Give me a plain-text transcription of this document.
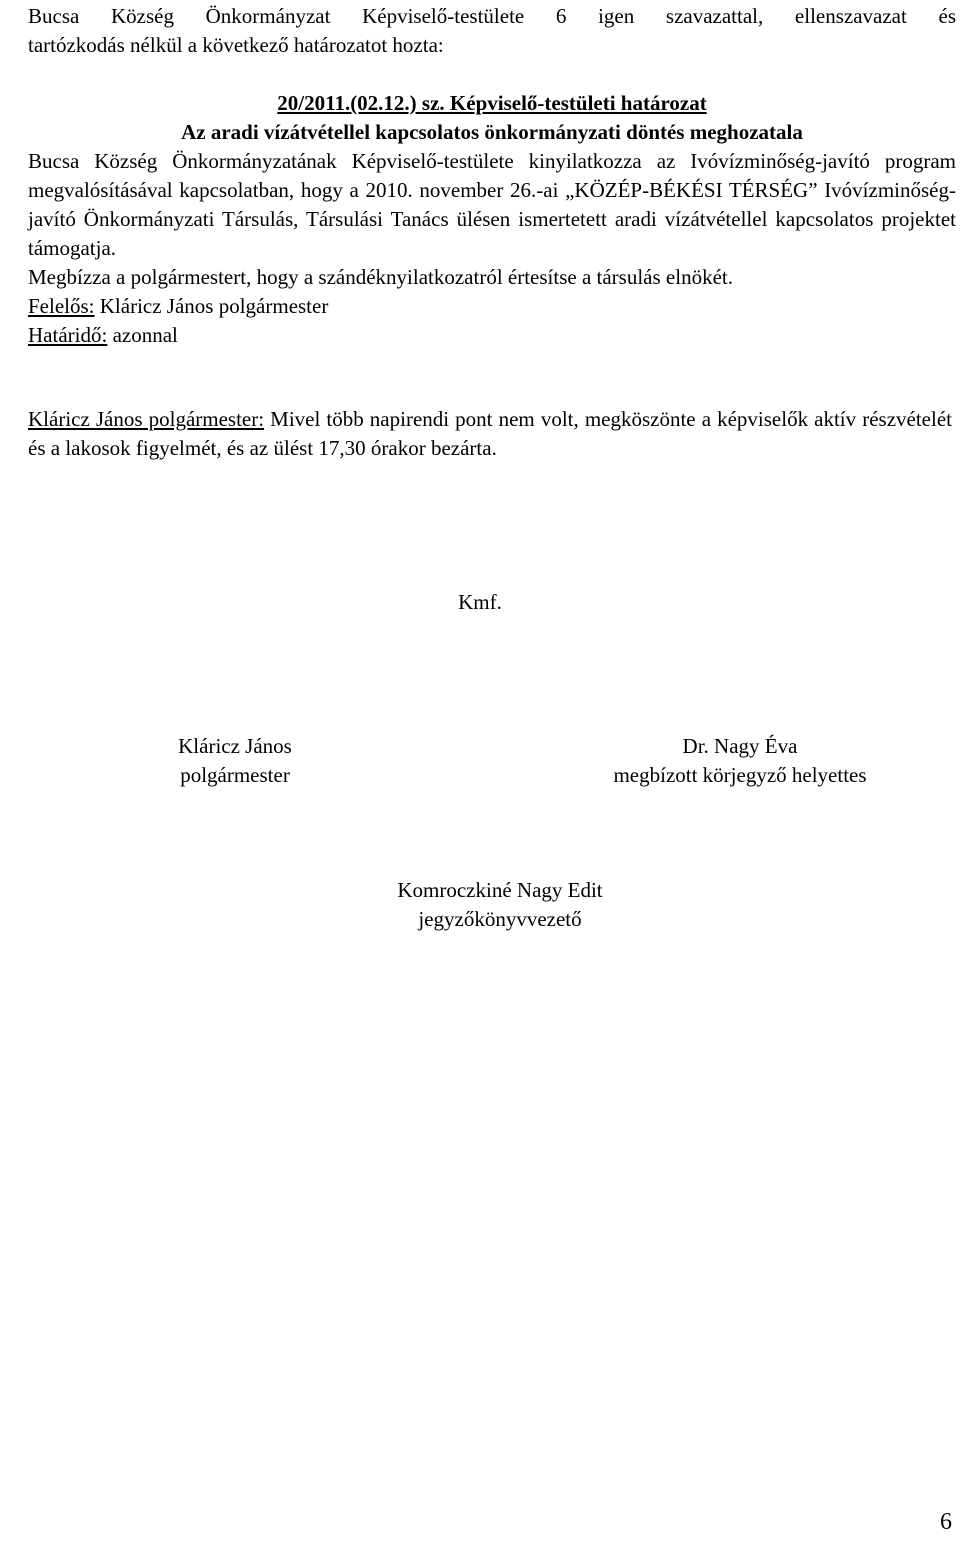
Bucsa Község Önkormányzat Képviselő-testülete 6 igen szavazattal, ellenszavazat és
tartózkodás nélkül a következő határozatot hozta:

20/2011.(02.12.) sz. Képviselő-testületi határozat

Az aradi vízátvétellel kapcsolatos önkormányzati döntés meghozatala

Bucsa Község Önkormányzatának Képviselő-testülete kinyilatkozza az Ivóvízminőség-javító program megvalósításával kapcsolatban, hogy a 2010. november 26.-ai „KÖZÉP-BÉKÉSI TÉRSÉG” Ivóvízminőség-javító Önkormányzati Társulás, Társulási Tanács ülésen ismertetett aradi vízátvétellel kapcsolatos projektet támogatja.

Megbízza a polgármestert, hogy a szándéknyilatkozatról értesítse a társulás elnökét.

Felelős: Kláricz János polgármester

Határidő: azonnal

Kláricz János polgármester: Mivel több napirendi pont nem volt, megköszönte a képviselők aktív részvételét és a lakosok figyelmét, és az ülést 17,30 órakor bezárta.
Kmf.
Kláricz János
polgármester
Dr. Nagy Éva
megbízott körjegyző helyettes
Komroczkiné Nagy Edit
jegyzőkönyvvezető
6
